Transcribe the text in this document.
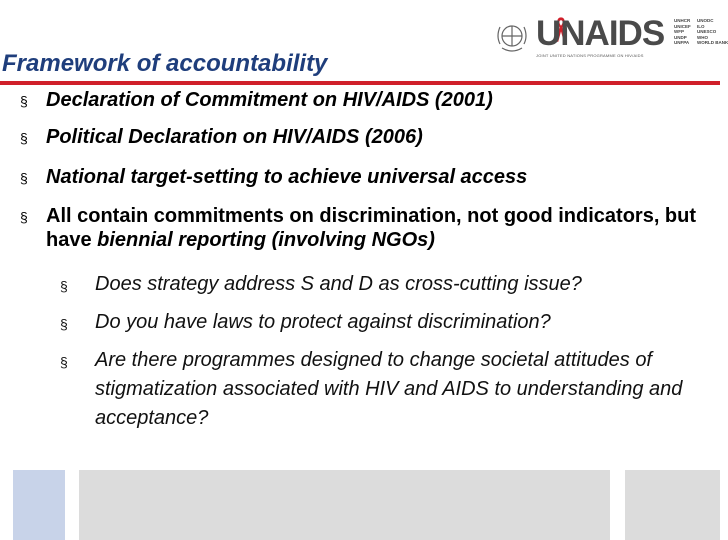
Framework of accountability
UNAIDS
JOINT UNITED NATIONS PROGRAMME ON HIV/AIDS
UNHCR
UNICEF
WFP
UNDP
UNFPA
UNODC
ILO
UNESCO
WHO
WORLD BANK
§ Declaration of Commitment on HIV/AIDS (2001)
§ Political Declaration on HIV/AIDS (2006)
§ National target-setting to achieve universal access
§ All contain commitments on discrimination, not good indicators, but have biennial reporting (involving NGOs)
§	Does strategy address S and D as cross-cutting issue?
§	Do you have laws to protect against discrimination?
§	Are there programmes designed to change societal attitudes of stigmatization associated with HIV and AIDS to understanding and acceptance?
